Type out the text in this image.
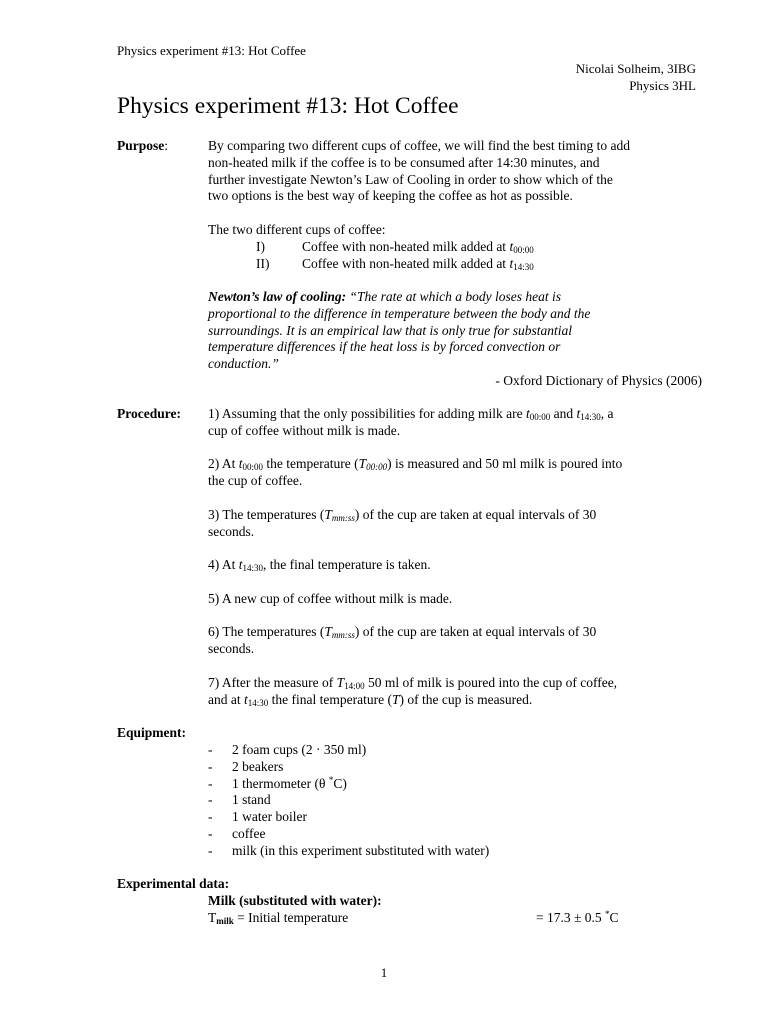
Physics experiment #13: Hot Coffee
Nicolai Solheim, 3IBG
Physics 3HL
Physics experiment #13: Hot Coffee
Purpose:	By comparing two different cups of coffee, we will find the best timing to add
non-heated milk if the coffee is to be consumed after 14:30 minutes, and
further investigate Newton’s Law of Cooling in order to show which of the
two options is the best way of keeping the coffee as hot as possible.
The two different cups of coffee:
I)	Coffee with non-heated milk added at $t_{00:00}$
II) Coffee with non-heated milk added at $t_{14:30}$
Newton’s law of cooling: “The rate at which a body loses heat is
proportional to the difference in temperature between the body and the
surroundings. It is an empirical law that is only true for substantial
temperature differences if the heat loss is by forced convection or
conduction.”
- Oxford Dictionary of Physics (2006)
Procedure: 1) Assuming that the only possibilities for adding milk are $t_{00:00}$ and $t_{14:30}$, a
cup of coffee without milk is made.
2) At $t_{00:00}$ the temperature $(T_{00:00})$ is measured and 50 ml milk is poured into
the cup of coffee.
3) The temperatures $(T_{mm:ss})$ of the cup are taken at equal intervals of 30
seconds.
4) At $t_{14:30}$, the final temperature is taken.
5) A new cup of coffee without milk is made.
6) The temperatures $(T_{mm:ss})$ of the cup are taken at equal intervals of 30
seconds.
7) After the measure of $T_{14:00}$ 50 ml of milk is poured into the cup of coffee,
and at $t_{14:30}$ the final temperature (T) of the cup is measured.
Equipment:
- 2 foam cups (2 · 350 ml)
- 2 beakers
- 1 thermometer (θ *C)
- 1 stand
- 1 water boiler
- coffee
- milk (in this experiment substituted with water)
Experimental data:
Milk (substituted with water):
$T_{milk}$ = Initial temperature	= 17.3 ± 0.5 *C
1
